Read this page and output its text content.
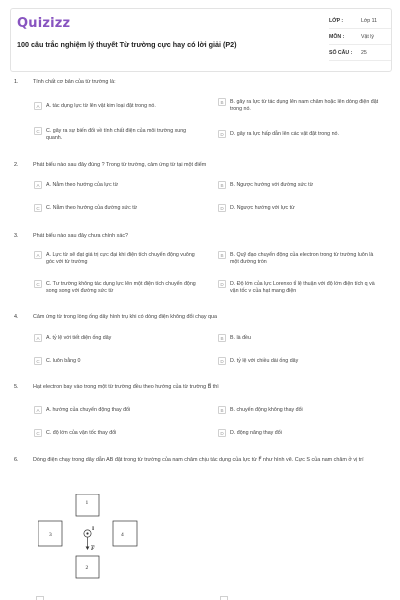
Quizizz
100 câu trắc nghiệm lý thuyết Từ trường cực hay có lời giải (P2)
LỚP :	Lớp 11
MÔN :	Vật lý
SỐ CÂU : 25
1.	Tính chất cơ bản của từ trường là:
A	A. tác dụng lực từ lên vật kim loại đặt trong nó.
B	B. gây ra lực từ tác dụng lên nam châm hoặc lên dòng điện đặt trong nó.
C	C. gây ra sự biến đổi về tính chất điện của môi trường xung quanh.
D	D. gây ra lực hấp dẫn lên các vật đặt trong nó.
2.	Phát biểu nào sau đây đúng ? Trong từ trường, cảm ứng từ tại một điểm
A	A. Nằm theo hướng của lực từ	B	B. Ngược hướng với đường sức từ
C	C. Nằm theo hướng của đường sức từ	D	D. Ngược hướng với lực từ
3.	Phát biểu nào sau đây chưa chính xác?
A	A. Lực từ sẽ đạt giá trị cực đại khi điện tích chuyển động vuông góc với từ trường
B	B. Quỹ đạo chuyển động của electron trong từ trường luôn là một đường tròn
C	C. Tư trường không tác dụng lực lên một điện tích chuyển động song song với đường sức từ
D	D. Độ lớn của lực Lorenxo tỉ lệ thuận với độ lớn điện tích q và vận tốc v của hạt mang điện
4.	Cảm ứng từ trong lòng ống dây hình trụ khi có dòng điện không đổi chạy qua
A	A. tỷ lệ với tiết diện ống dây	B	B. là đều
C	C. luôn bằng 0	D	D. tỷ lệ với chiều dài ống dây
5.	Hạt electron bay vào trong một từ trường đều theo hướng của từ trường B⃗ thì
A	A. hướng của chuyển động thay đổi	B	B. chuyển động không thay đổi
C	C. độ lớn của vận tốc thay đổi	D	D. động năng thay đổi
6.	Dòng điện chạy trong dây dẫn AB đặt trong từ trường của nam châm chịu tác dụng của lực từ F⃗ như hình vẽ. Cực S của nam châm ở vị trí
1
2
3	4
I
F
